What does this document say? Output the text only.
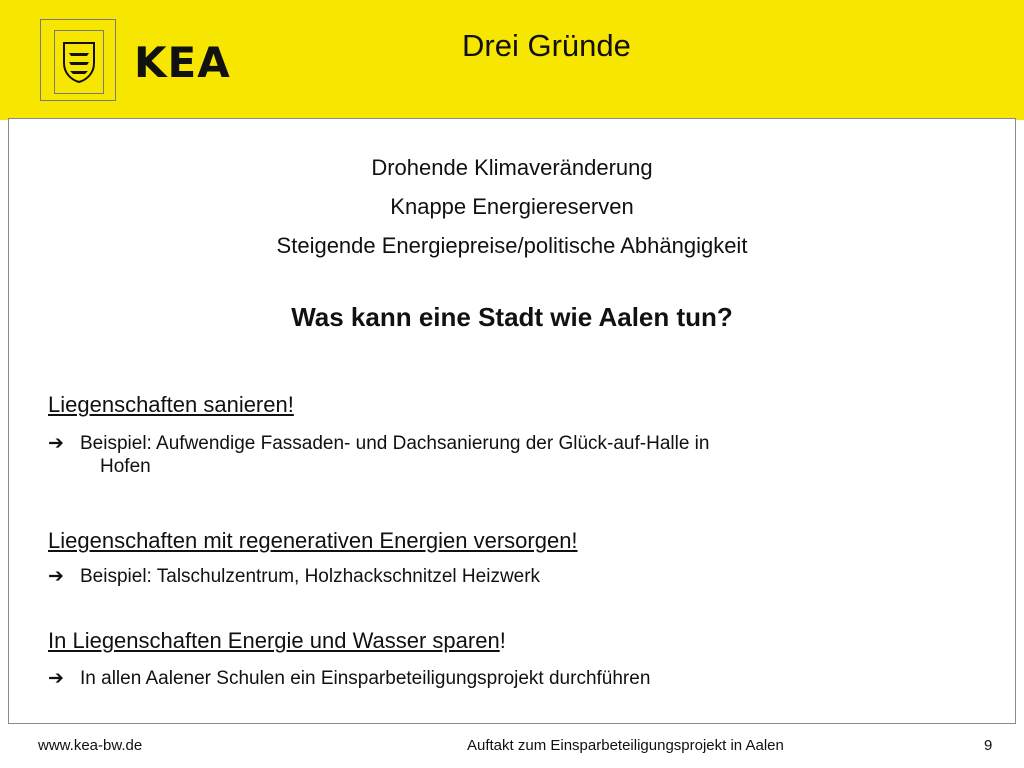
KEA	Drei Gründe
Drohende Klimaveränderung
Knappe Energiereserven
Steigende Energiepreise/politische Abhängigkeit
Was kann eine Stadt wie Aalen tun?
Liegenschaften sanieren!
➔ Beispiel: Aufwendige Fassaden- und Dachsanierung der Glück-auf-Halle in
Hofen
Liegenschaften mit regenerativen Energien versorgen!
➔ Beispiel: Talschulzentrum, Holzhackschnitzel Heizwerk
In Liegenschaften Energie und Wasser sparen!
➔ In allen Aalener Schulen ein Einsparbeteiligungsprojekt durchführen
www.kea-bw.de	Auftakt zum Einsparbeteiligungsprojekt in Aalen	9
